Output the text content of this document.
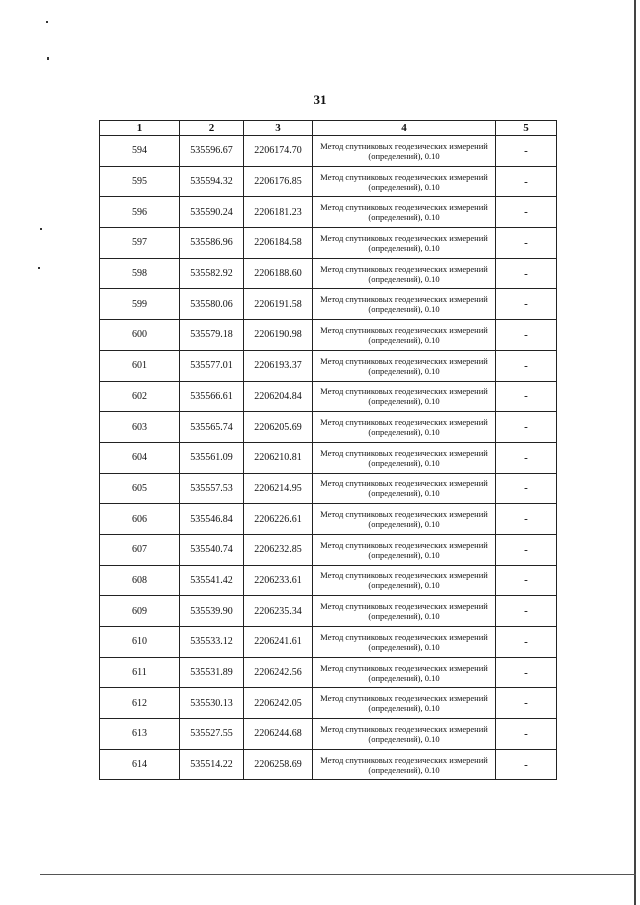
31
1	2	3	4	5
594	535596.67	2206174.70	Метод спутниковых геодезических измерений (определений), 0.10	-
595	535594.32	2206176.85	Метод спутниковых геодезических измерений (определений), 0.10	-
596	535590.24	2206181.23	Метод спутниковых геодезических измерений (определений), 0.10	-
597	535586.96	2206184.58	Метод спутниковых геодезических измерений (определений), 0.10	-
598	535582.92	2206188.60	Метод спутниковых геодезических измерений (определений), 0.10	-
599	535580.06	2206191.58	Метод спутниковых геодезических измерений (определений), 0.10	-
600	535579.18	2206190.98	Метод спутниковых геодезических измерений (определений), 0.10	-
601	535577.01	2206193.37	Метод спутниковых геодезических измерений (определений), 0.10	-
602	535566.61	2206204.84	Метод спутниковых геодезических измерений (определений), 0.10	-
603	535565.74	2206205.69	Метод спутниковых геодезических измерений (определений), 0.10	-
604	535561.09	2206210.81	Метод спутниковых геодезических измерений (определений), 0.10	-
605	535557.53	2206214.95	Метод спутниковых геодезических измерений (определений), 0.10	-
606	535546.84	2206226.61	Метод спутниковых геодезических измерений (определений), 0.10	-
607	535540.74	2206232.85	Метод спутниковых геодезических измерений (определений), 0.10	-
608	535541.42	2206233.61	Метод спутниковых геодезических измерений (определений), 0.10	-
609	535539.90	2206235.34	Метод спутниковых геодезических измерений (определений), 0.10	-
610	535533.12	2206241.61	Метод спутниковых геодезических измерений (определений), 0.10	-
611	535531.89	2206242.56	Метод спутниковых геодезических измерений (определений), 0.10	-
612	535530.13	2206242.05	Метод спутниковых геодезических измерений (определений), 0.10	-
613	535527.55	2206244.68	Метод спутниковых геодезических измерений (определений), 0.10	-
614	535514.22	2206258.69	Метод спутниковых геодезических измерений (определений), 0.10	-
